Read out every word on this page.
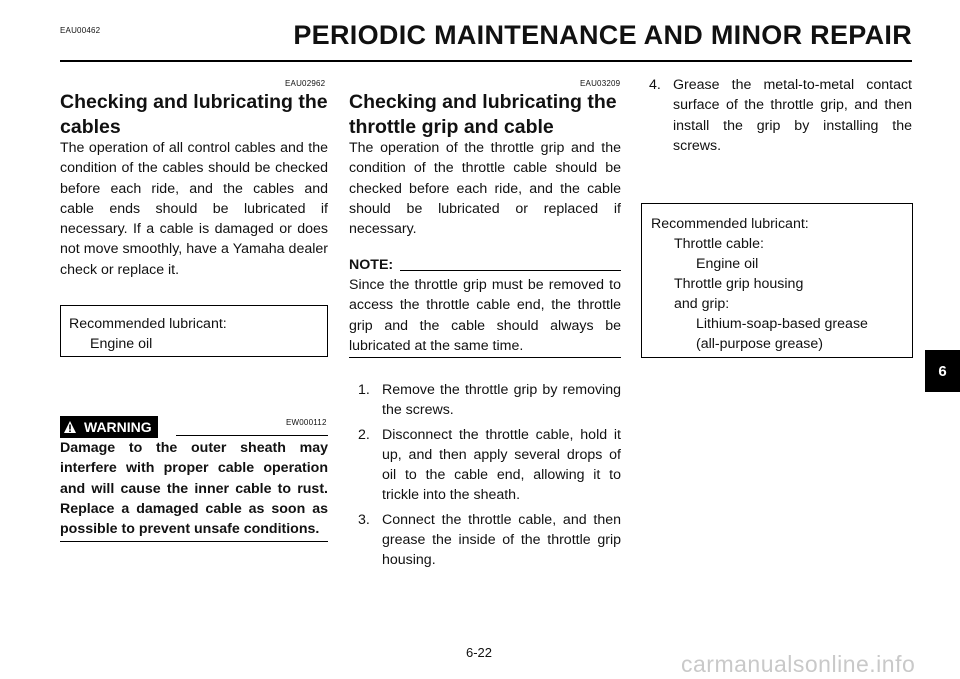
EAU00462	PERIODIC MAINTENANCE AND MINOR REPAIR
EAU02962
Checking and lubricating the
cables
The operation of all control cables and the condition of the cables should be checked before each ride, and the cables and cable ends should be lubricated if necessary. If a cable is damaged or does not move smoothly, have a Yamaha dealer check or replace it.
Recommended lubricant:
Engine oil
WARNING	EW000112
Damage to the outer sheath may interfere with proper cable operation and will cause the inner cable to rust. Replace a damaged cable as soon as possible to prevent unsafe conditions.
EAU03209
Checking and lubricating the
throttle grip and cable
The operation of the throttle grip and the condition of the throttle cable should be checked before each ride, and the cable should be lubricated or replaced if necessary.
NOTE:
Since the throttle grip must be removed to access the throttle cable end, the throttle grip and the cable should always be lubricated at the same time.
1. Remove the throttle grip by removing the screws.
2. Disconnect the throttle cable, hold it up, and then apply several drops of oil to the cable end, allowing it to trickle into the sheath.
3. Connect the throttle cable, and then grease the inside of the throttle grip housing.
4. Grease the metal-to-metal contact surface of the throttle grip, and then install the grip by installing the screws.
Recommended lubricant:
Throttle cable:
Engine oil
Throttle grip housing
and grip:
Lithium-soap-based grease
(all-purpose grease)
6
6-22	carmanualsonline.info
